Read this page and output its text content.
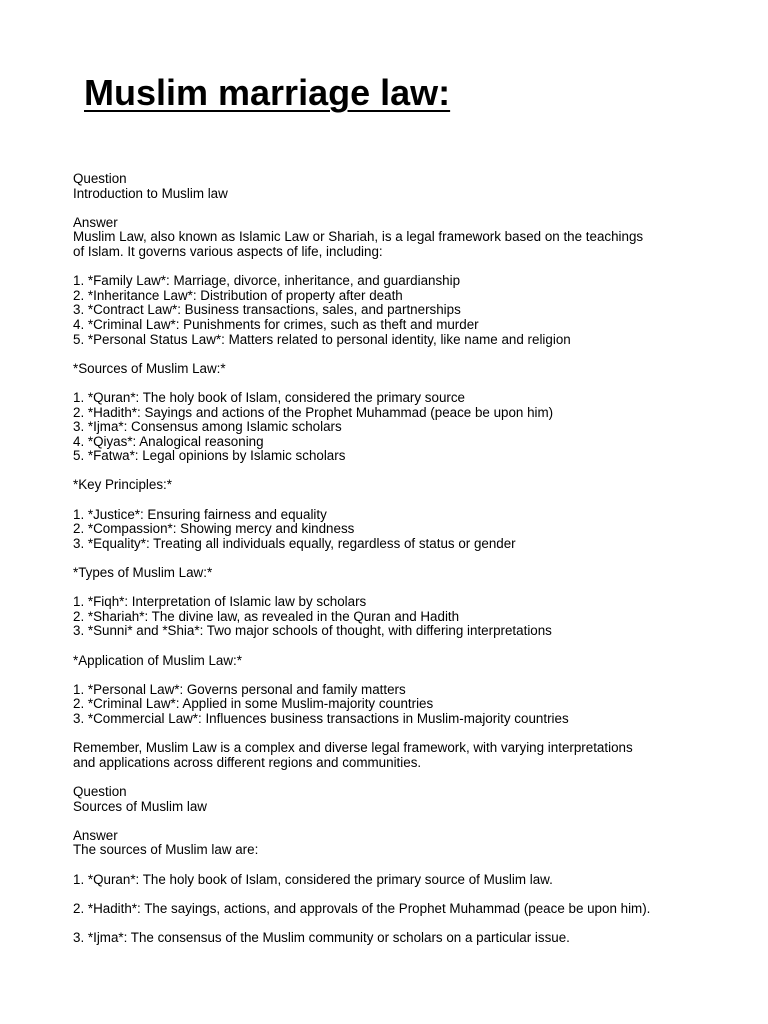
Muslim marriage law:
Question
Introduction to Muslim law
Answer
Muslim Law, also known as Islamic Law or Shariah, is a legal framework based on the teachings
of Islam. It governs various aspects of life, including:
1. *Family Law*: Marriage, divorce, inheritance, and guardianship
2. *Inheritance Law*: Distribution of property after death
3. *Contract Law*: Business transactions, sales, and partnerships
4. *Criminal Law*: Punishments for crimes, such as theft and murder
5. *Personal Status Law*: Matters related to personal identity, like name and religion
*Sources of Muslim Law:*
1. *Quran*: The holy book of Islam, considered the primary source
2. *Hadith*: Sayings and actions of the Prophet Muhammad (peace be upon him)
3. *Ijma*: Consensus among Islamic scholars
4. *Qiyas*: Analogical reasoning
5. *Fatwa*: Legal opinions by Islamic scholars
*Key Principles:*
1. *Justice*: Ensuring fairness and equality
2. *Compassion*: Showing mercy and kindness
3. *Equality*: Treating all individuals equally, regardless of status or gender
*Types of Muslim Law:*
1. *Fiqh*: Interpretation of Islamic law by scholars
2. *Shariah*: The divine law, as revealed in the Quran and Hadith
3. *Sunni* and *Shia*: Two major schools of thought, with differing interpretations
*Application of Muslim Law:*
1. *Personal Law*: Governs personal and family matters
2. *Criminal Law*: Applied in some Muslim-majority countries
3. *Commercial Law*: Influences business transactions in Muslim-majority countries
Remember, Muslim Law is a complex and diverse legal framework, with varying interpretations
and applications across different regions and communities.
Question
Sources of Muslim law
Answer
The sources of Muslim law are:
1. *Quran*: The holy book of Islam, considered the primary source of Muslim law.
2. *Hadith*: The sayings, actions, and approvals of the Prophet Muhammad (peace be upon him).
3. *Ijma*: The consensus of the Muslim community or scholars on a particular issue.
